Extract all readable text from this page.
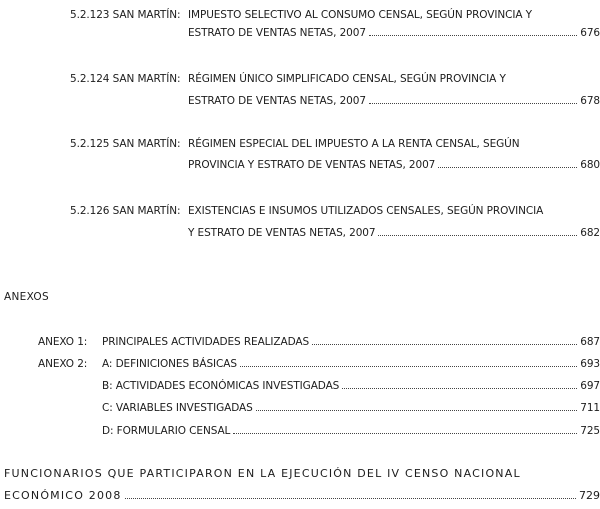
5.2.123 SAN MARTÍN: IMPUESTO SELECTIVO AL CONSUMO CENSAL, SEGÚN PROVINCIA Y
ESTRATO DE VENTAS NETAS, 2007	676
5.2.124 SAN MARTÍN: RÉGIMEN ÚNICO SIMPLIFICADO CENSAL, SEGÚN PROVINCIA Y
ESTRATO DE VENTAS NETAS, 2007	678
5.2.125 SAN MARTÍN: RÉGIMEN ESPECIAL DEL IMPUESTO A LA RENTA CENSAL, SEGÚN
PROVINCIA Y ESTRATO DE VENTAS NETAS, 2007	680
5.2.126 SAN MARTÍN: EXISTENCIAS E INSUMOS UTILIZADOS CENSALES, SEGÚN PROVINCIA
Y ESTRATO DE VENTAS NETAS, 2007	682
ANEXOS
ANEXO 1: PRINCIPALES ACTIVIDADES REALIZADAS	687
ANEXO 2: A: DEFINICIONES BÁSICAS	693
B: ACTIVIDADES ECONÓMICAS INVESTIGADAS	697
C: VARIABLES INVESTIGADAS	711
D: FORMULARIO CENSAL	725
FUNCIONARIOS QUE PARTICIPARON EN LA EJECUCIÓN DEL IV CENSO NACIONAL
ECONÓMICO 2008	729
